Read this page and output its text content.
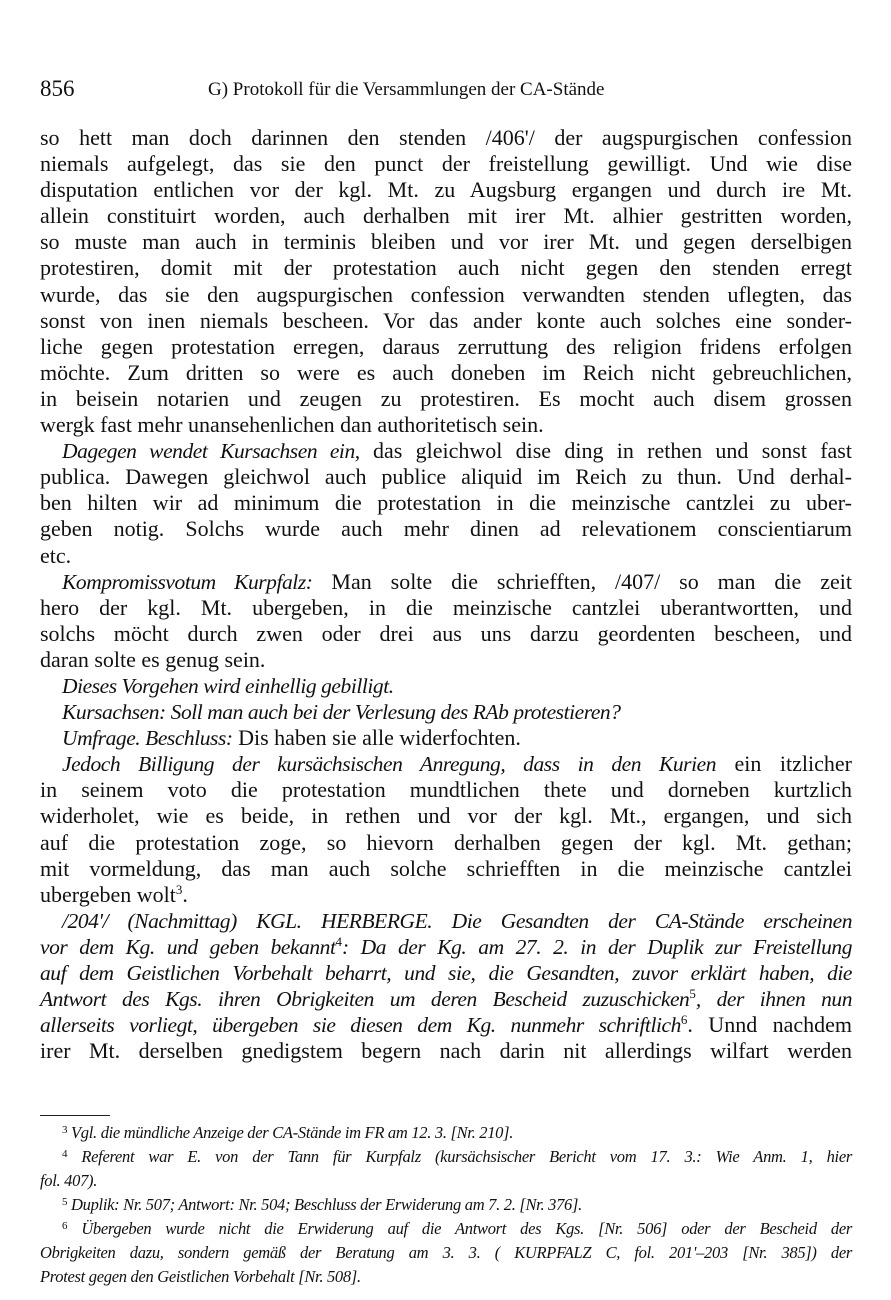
856	G) Protokoll für die Versammlungen der CA-Stände
so hett man doch darinnen den stenden /406'/ der augspurgischen confession
niemals aufgelegt, das sie den punct der freistellung gewilligt. Und wie dise
disputation entlichen vor der kgl. Mt. zu Augsburg ergangen und durch ire Mt.
allein constituirt worden, auch derhalben mit irer Mt. alhier gestritten worden,
so muste man auch in terminis bleiben und vor irer Mt. und gegen derselbigen
protestiren, domit mit der protestation auch nicht gegen den stenden erregt
wurde, das sie den augspurgischen confession verwandten stenden uflegten, das
sonst von inen niemals bescheen. Vor das ander konte auch solches eine sonder-
liche gegen protestation erregen, daraus zerruttung des religion fridens erfolgen
möchte. Zum dritten so were es auch doneben im Reich nicht gebreuchlichen,
in beisein notarien und zeugen zu protestiren. Es mocht auch disem grossen
wergk fast mehr unansehenlichen dan authoritetisch sein.
Dagegen wendet Kursachsen ein, das gleichwol dise ding in rethen und sonst fast
publica. Dawegen gleichwol auch publice aliquid im Reich zu thun. Und derhal-
ben hilten wir ad minimum die protestation in die meinzische cantzlei zu uber-
geben notig. Solchs wurde auch mehr dinen ad relevationem conscientiarum
etc.
Kompromissvotum Kurpfalz: Man solte die schriefften, /407/ so man die zeit
hero der kgl. Mt. ubergeben, in die meinzische cantzlei uberantwortten, und
solchs möcht durch zwen oder drei aus uns darzu geordenten bescheen, und
daran solte es genug sein.
Dieses Vorgehen wird einhellig gebilligt.
Kursachsen: Soll man auch bei der Verlesung des RAb protestieren?
Umfrage. Beschluss: Dis haben sie alle widerfochten.
Jedoch Billigung der kursächsischen Anregung, dass in den Kurien ein itzlicher
in seinem voto die protestation mundtlichen thete und dorneben kurtzlich
widerholet, wie es beide, in rethen und vor der kgl. Mt., ergangen, und sich
auf die protestation zoge, so hievorn derhalben gegen der kgl. Mt. gethan;
mit vormeldung, das man auch solche schriefften in die meinzische cantzlei
ubergeben wolt$^3$.
/204'/ (Nachmittag) KGL. HERBERGE. Die Gesandten der CA-Stände erscheinen
vor dem Kg. und geben bekannt$^4$: Da der Kg. am 27. 2. in der Duplik zur Freistellung
auf dem Geistlichen Vorbehalt beharrt, und sie, die Gesandten, zuvor erklärt haben, die
Antwort des Kgs. ihren Obrigkeiten um deren Bescheid zuzuschicken$^5$, der ihnen nun
allerseits vorliegt, übergeben sie diesen dem Kg. nunmehr schriftlich$^6$. Unnd nachdem
irer Mt. derselben gnedigstem begern nach darin nit allerdings wilfart werden
$^3$ Vgl. die mündliche Anzeige der CA-Stände im FR am 12. 3. [Nr. 210].
$^4$ Referent war E. von der Tann für Kurpfalz (kursächsischer Bericht vom 17. 3.: Wie Anm. 1, hier
fol. 407).
$^5$ Duplik: Nr. 507; Antwort: Nr. 504; Beschluss der Erwiderung am 7. 2. [Nr. 376].
$^6$ Übergeben wurde nicht die Erwiderung auf die Antwort des Kgs. [Nr. 506] oder der Bescheid der
Obrigkeiten dazu, sondern gemäß der Beratung am 3. 3. ( KURPFALZ C, fol. 201'–203 [Nr. 385]) der
Protest gegen den Geistlichen Vorbehalt [Nr. 508].
